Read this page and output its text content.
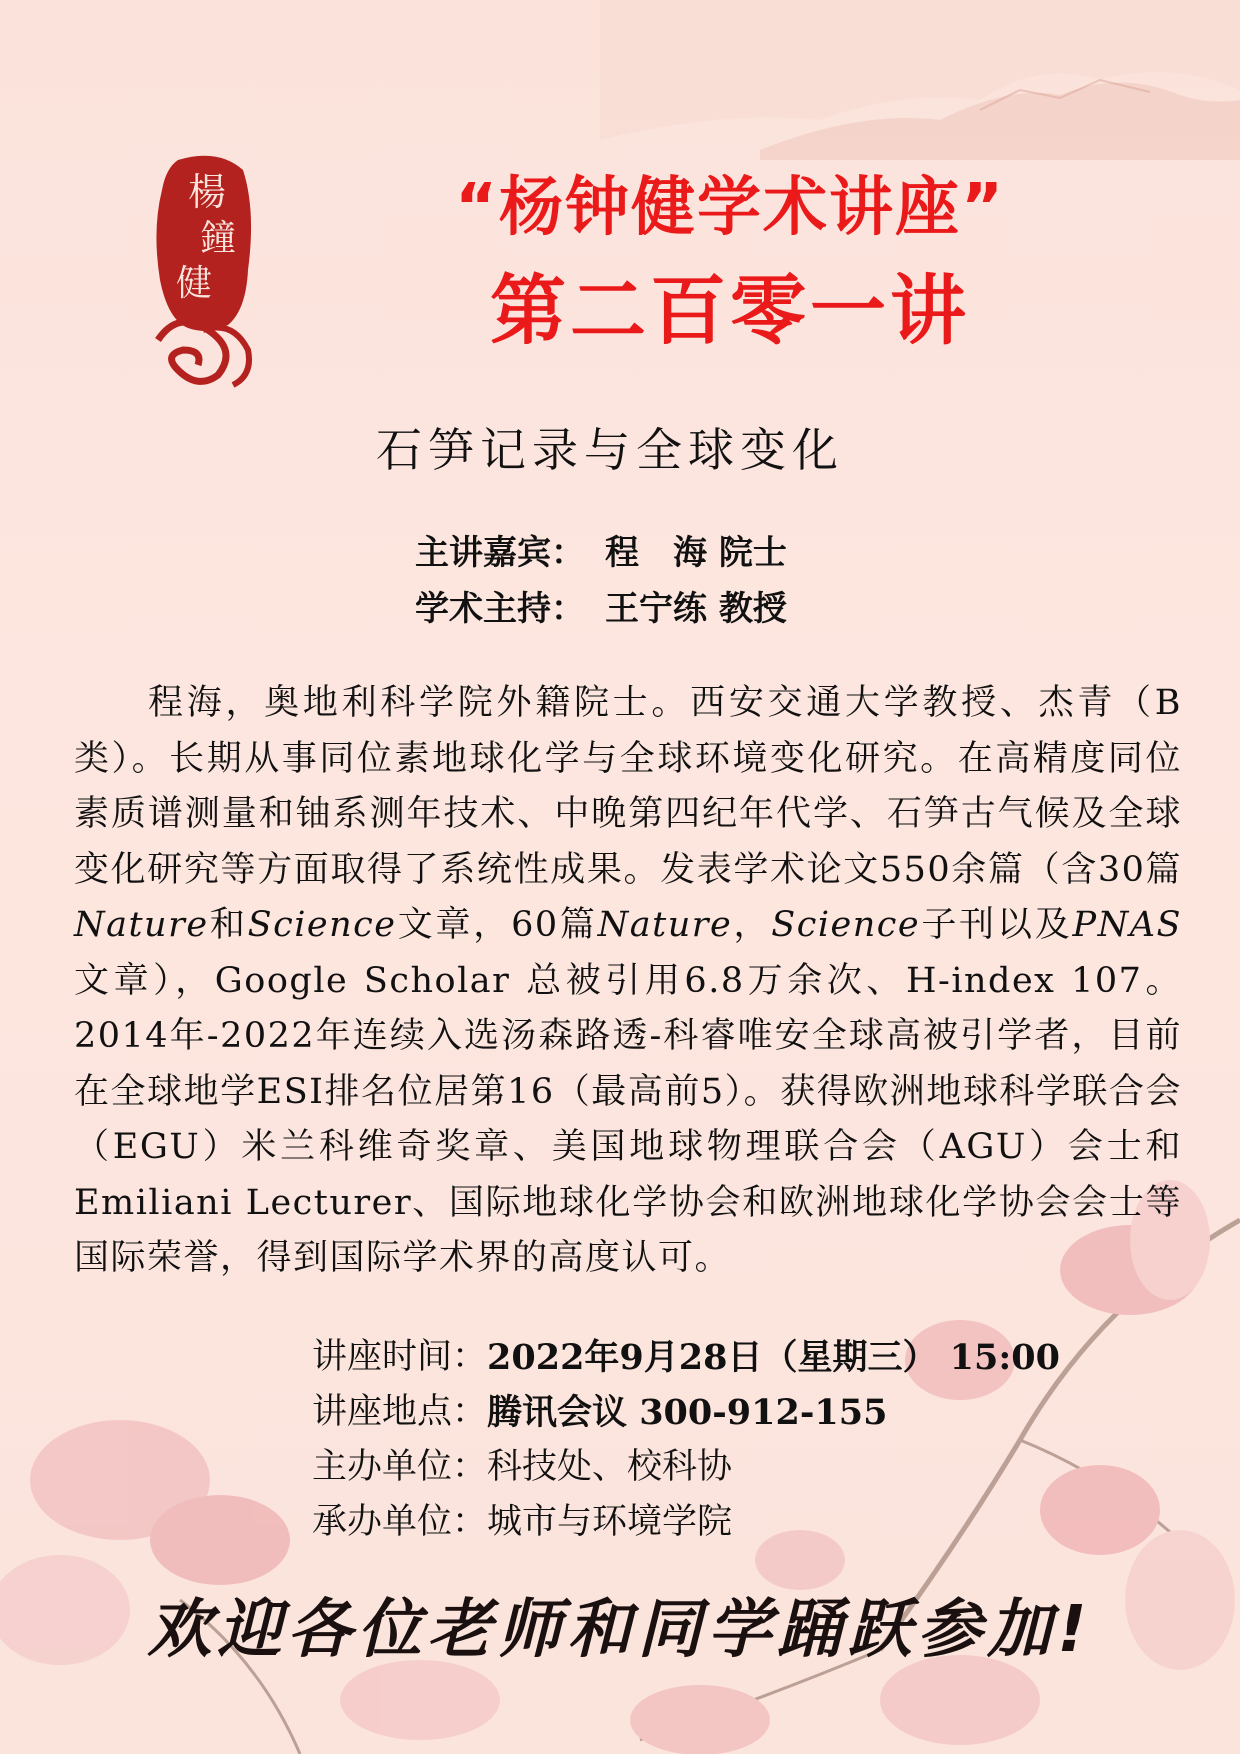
楊
鐘
健
“杨钟健学术讲座”
第二百零一讲
石笋记录与全球变化
主讲嘉宾： 程　海 院士
学术主持： 王宁练 教授
程海，奥地利科学院外籍院士。西安交通大学教授、杰青（B类）。长期从事同位素地球化学与全球环境变化研究。在高精度同位素质谱测量和铀系测年技术、中晚第四纪年代学、石笋古气候及全球变化研究等方面取得了系统性成果。发表学术论文550余篇（含30篇Nature和Science文章，60篇Nature，Science子刊以及PNAS文章），Google Scholar 总被引用6.8万余次、H-index 107。2014年-2022年连续入选汤森路透-科睿唯安全球高被引学者，目前在全球地学ESI排名位居第16（最高前5）。获得欧洲地球科学联合会（EGU）米兰科维奇奖章、美国地球物理联合会（AGU）会士和Emiliani Lecturer、国际地球化学协会和欧洲地球化学协会会士等国际荣誉，得到国际学术界的高度认可。
讲座时间： 2022年9月28日（星期三） 15:00
讲座地点： 腾讯会议 300-912-155
主办单位： 科技处、校科协
承办单位： 城市与环境学院
欢迎各位老师和同学踊跃参加!
